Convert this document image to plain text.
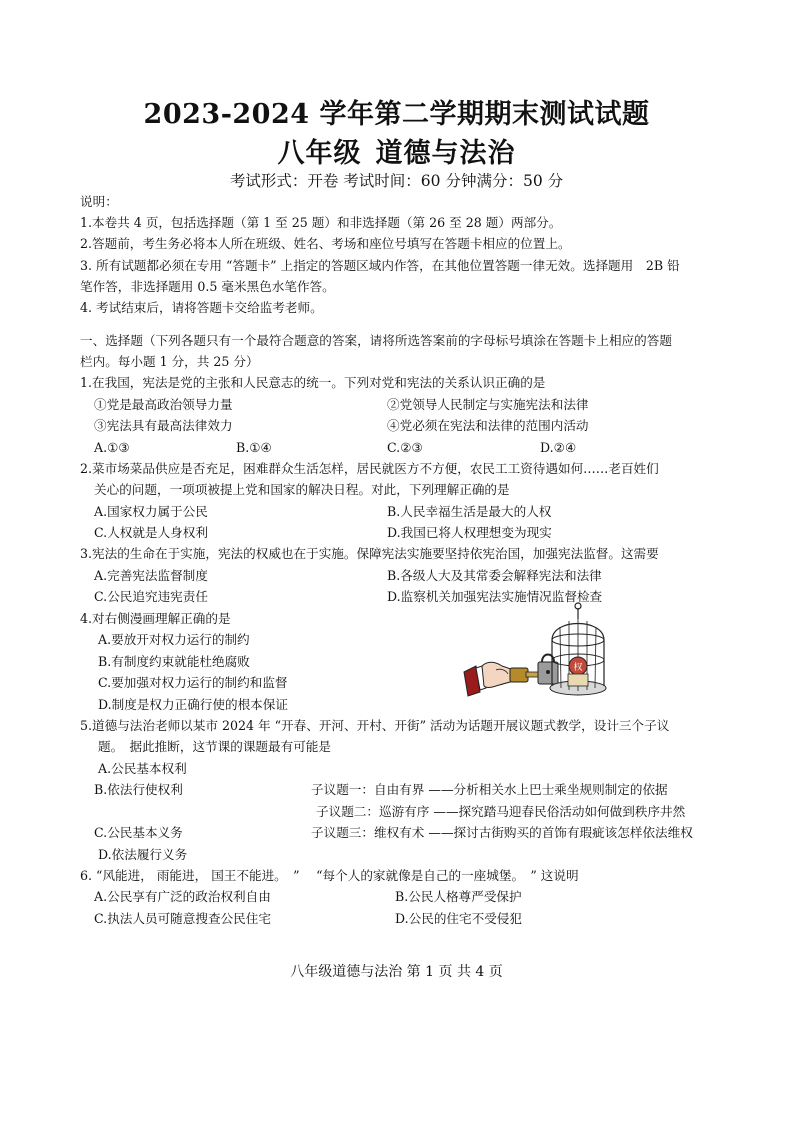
2023-2024 学年第二学期期末测试试题
八年级 道德与法治
考试形式：开卷 考试时间：60 分钟满分：50 分
说明：
1.本卷共 4 页，包括选择题（第 1 至 25 题）和非选择题（第 26 至 28 题）两部分。
2.答题前，考生务必将本人所在班级、姓名、考场和座位号填写在答题卡相应的位置上。
3. 所有试题都必须在专用 “答题卡” 上指定的答题区域内作答，在其他位置答题一律无效。选择题用　2B 铅
笔作答，非选择题用 0.5 毫米黑色水笔作答。
4. 考试结束后，请将答题卡交给监考老师。
一、选择题（下列各题只有一个最符合题意的答案，请将所选答案前的字母标号填涂在答题卡上相应的答题
栏内。每小题 1 分，共 25 分）
1.在我国，宪法是党的主张和人民意志的统一。下列对党和宪法的关系认识正确的是
①党是最高政治领导力量	②党领导人民制定与实施宪法和法律
③宪法具有最高法律效力	④党必须在宪法和法律的范围内活动
A.①③	B.①④	C.②③	D.②④
2.菜市场菜品供应是否充足，困难群众生活怎样，居民就医方不方便，农民工工资待遇如何……老百姓们
关心的问题，一项项被提上党和国家的解决日程。对此，下列理解正确的是
A.国家权力属于公民	B.人民幸福生活是最大的人权
C.人权就是人身权利	D.我国已将人权理想变为现实
3.宪法的生命在于实施，宪法的权威也在于实施。保障宪法实施要坚持依宪治国，加强宪法监督。这需要
A.完善宪法监督制度	B.各级人大及其常委会解释宪法和法律
C.公民追究违宪责任	D.监察机关加强宪法实施情况监督检查
4.对右侧漫画理解正确的是
A.要放开对权力运行的制约
B.有制度约束就能杜绝腐败
C.要加强对权力运行的制约和监督
D.制度是权力正确行使的根本保证
权
5.道德与法治老师以某市 2024 年 “开春、开河、开村、开街” 活动为话题开展议题式教学，设计三个子议
题。　据此推断，这节课的课题最有可能是
A.公民基本权利
B.依法行使权利	子议题一：自由有界 ——分析相关水上巴士乘坐规则制定的依据
子议题二：巡游有序 ——探究踏马迎春民俗活动如何做到秩序井然
C.公民基本义务	子议题三：维权有术 ——探讨古街购买的首饰有瑕疵该怎样依法维权
D.依法履行义务
6. “风能进， 雨能进， 国王不能进。　” 　“每个人的家就像是自己的一座城堡。　” 这说明
A.公民享有广泛的政治权利自由	B.公民人格尊严受保护
C.执法人员可随意搜查公民住宅	D.公民的住宅不受侵犯
八年级道德与法治 第 1 页 共 4 页
